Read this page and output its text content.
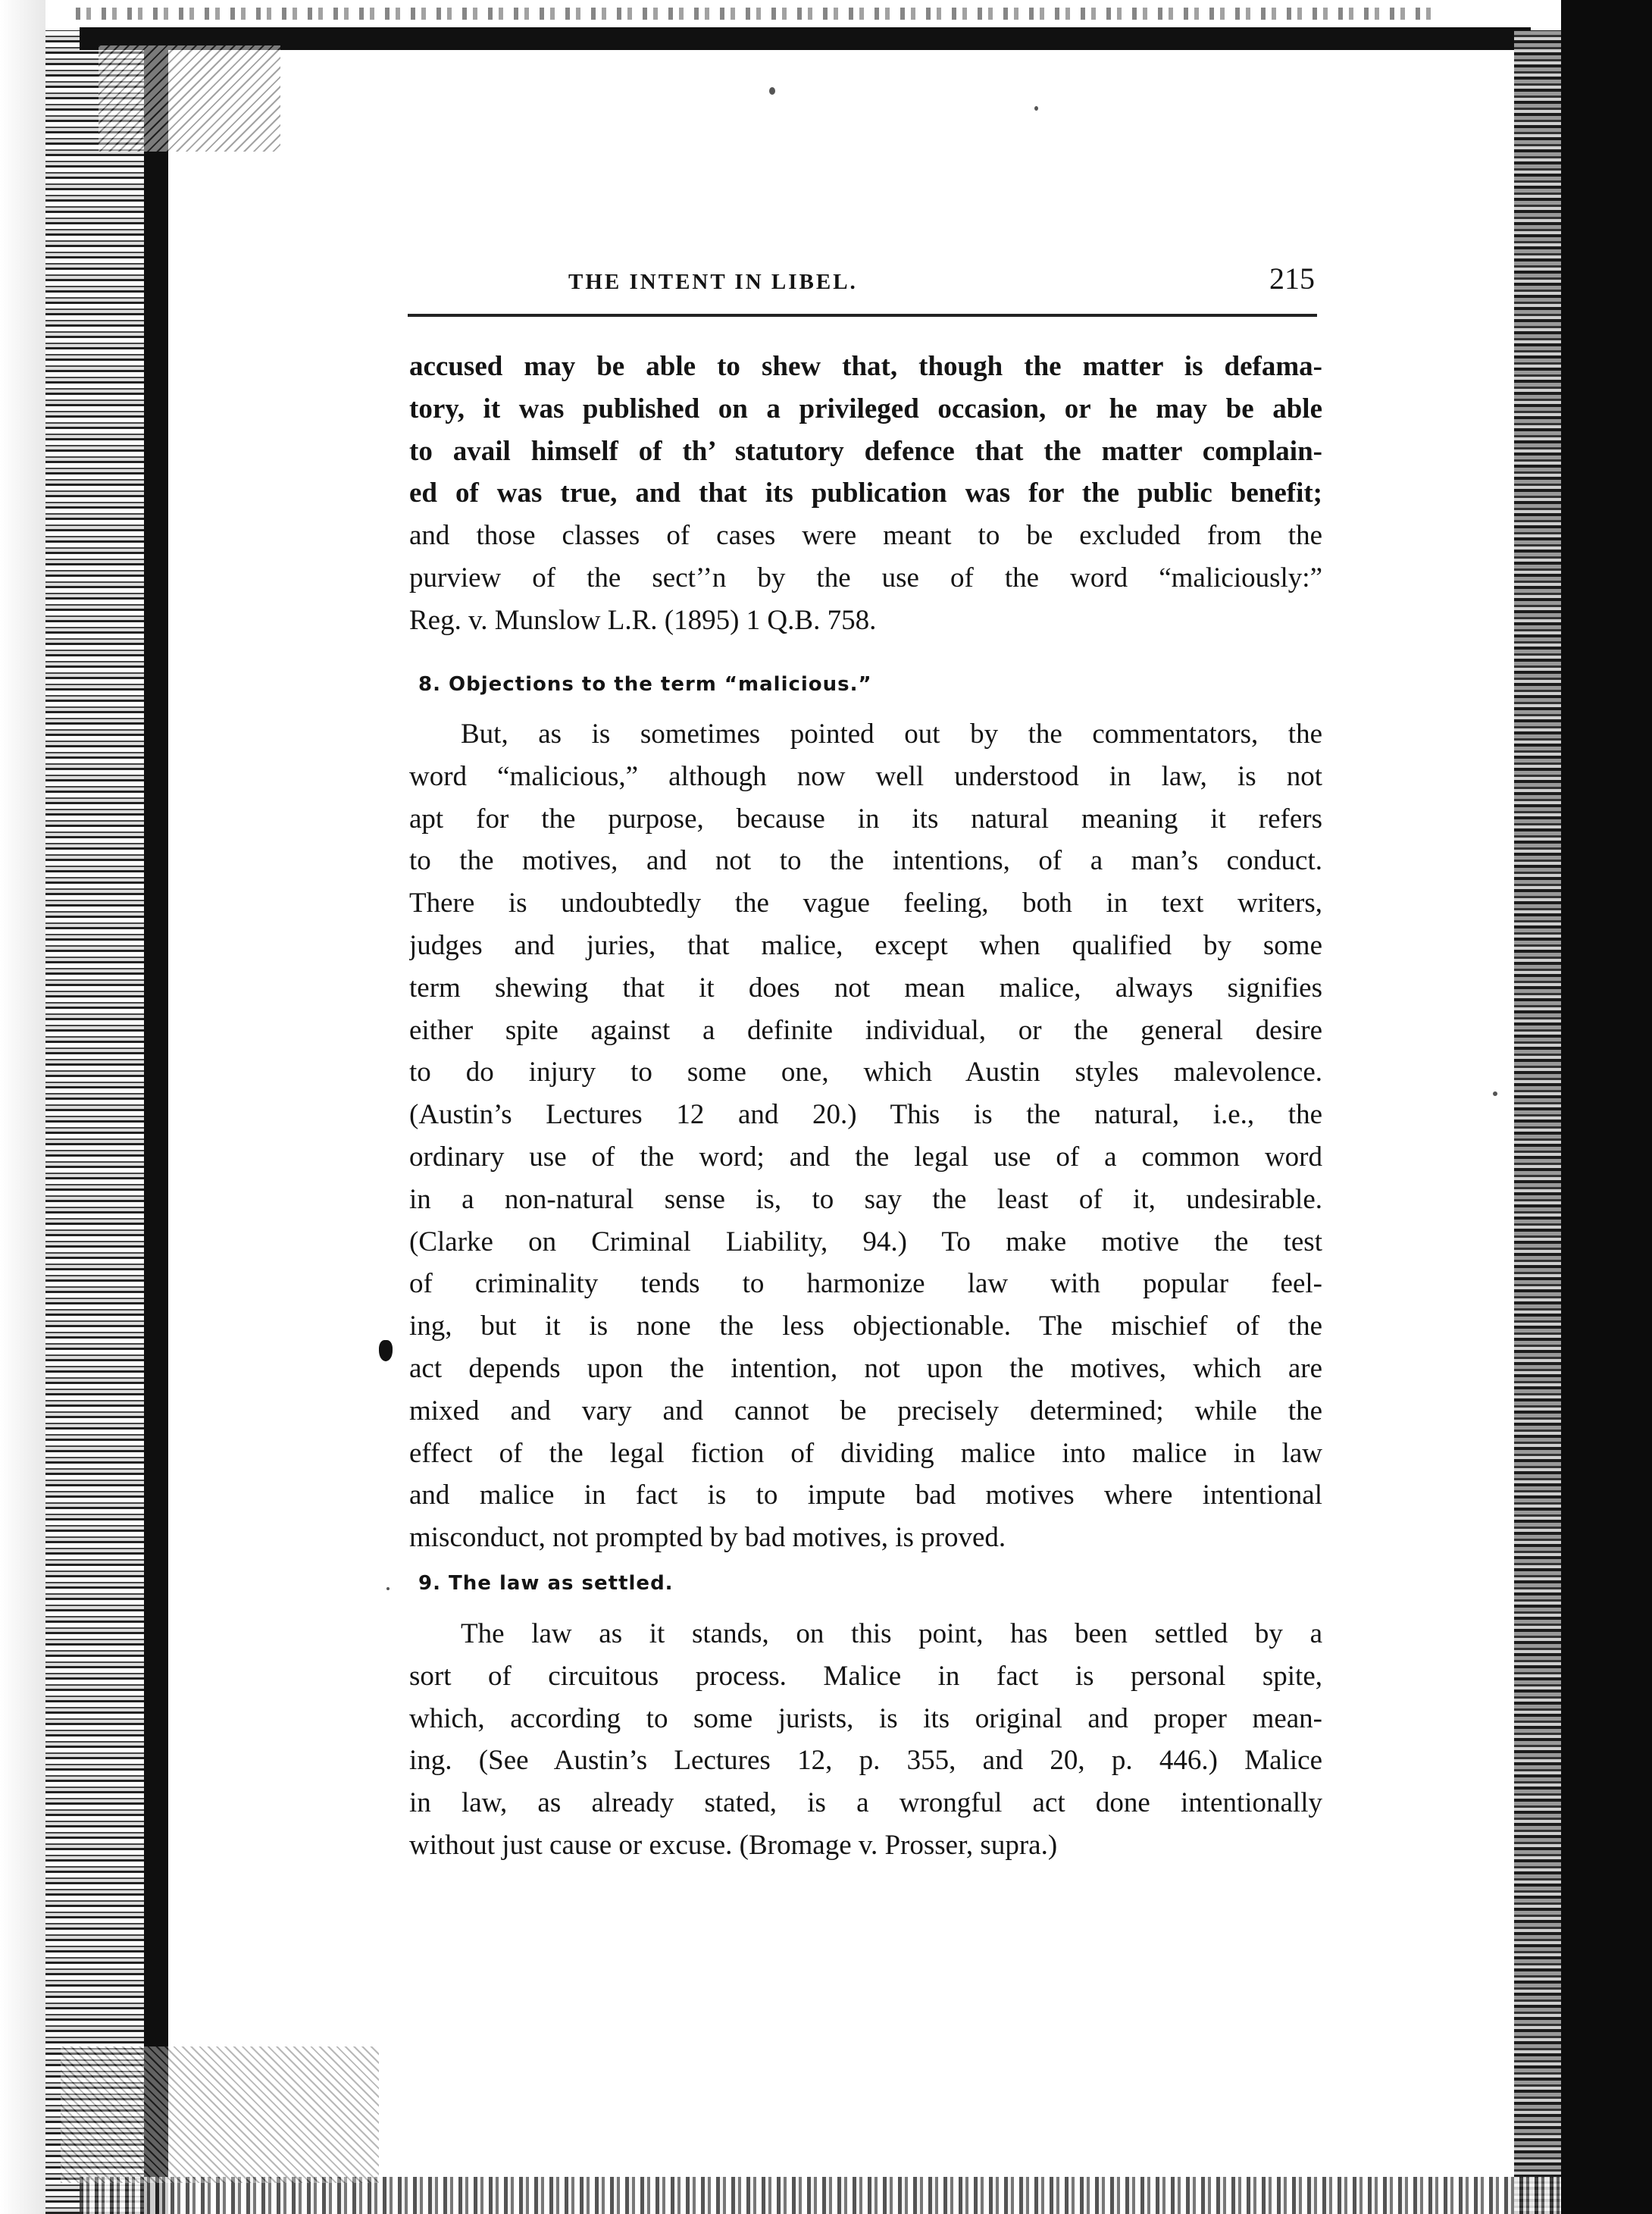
THE INTENT IN LIBEL.	215
accused may be able to shew that, though the matter is defama-
tory, it was published on a privileged occasion, or he may be able
to avail himself of th’ statutory defence that the matter complain-
ed of was true, and that its publication was for the public benefit;
and those classes of cases were meant to be excluded from the
purview of the sect’’n by the use of the word “maliciously:”
Reg. v. Munslow L.R. (1895) 1 Q.B. 758.
8. Objections to the term “malicious.”
But, as is sometimes pointed out by the commentators, the
word “malicious,” although now well understood in law, is not
apt for the purpose, because in its natural meaning it refers
to the motives, and not to the intentions, of a man’s conduct.
There is undoubtedly the vague feeling, both in text writers,
judges and juries, that malice, except when qualified by some
term shewing that it does not mean malice, always signifies
either spite against a definite individual, or the general desire
to do injury to some one, which Austin styles malevolence.
(Austin’s Lectures 12 and 20.) This is the natural, i.e., the
ordinary use of the word; and the legal use of a common word
in a non-natural sense is, to say the least of it, undesirable.
(Clarke on Criminal Liability, 94.) To make motive the test
of criminality tends to harmonize law with popular feel-
ing, but it is none the less objectionable. The mischief of the
act depends upon the intention, not upon the motives, which are
mixed and vary and cannot be precisely determined; while the
effect of the legal fiction of dividing malice into malice in law
and malice in fact is to impute bad motives where intentional
misconduct, not prompted by bad motives, is proved.
9. The law as settled.
The law as it stands, on this point, has been settled by a
sort of circuitous process. Malice in fact is personal spite,
which, according to some jurists, is its original and proper mean-
ing. (See Austin’s Lectures 12, p. 355, and 20, p. 446.) Malice
in law, as already stated, is a wrongful act done intentionally
without just cause or excuse. (Bromage v. Prosser, supra.)
